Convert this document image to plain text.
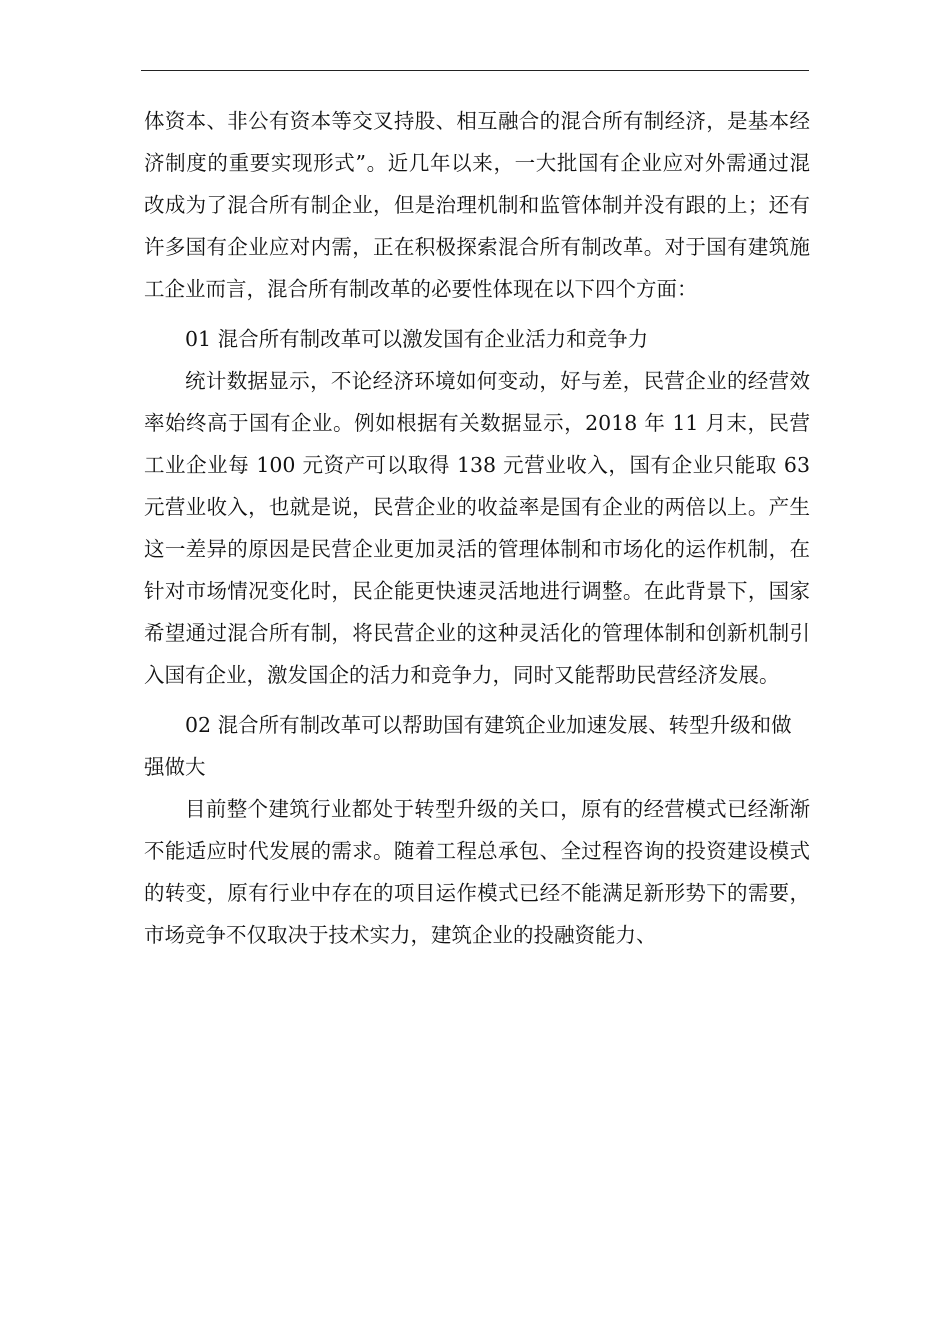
体资本、非公有资本等交叉持股、相互融合的混合所有制经济，是基本经济制度的重要实现形式”。近几年以来，一大批国有企业应对外需通过混改成为了混合所有制企业，但是治理机制和监管体制并没有跟的上；还有许多国有企业应对内需，正在积极探索混合所有制改革。对于国有建筑施工企业而言，混合所有制改革的必要性体现在以下四个方面：

01 混合所有制改革可以激发国有企业活力和竞争力

统计数据显示，不论经济环境如何变动，好与差，民营企业的经营效率始终高于国有企业。例如根据有关数据显示，2018 年 11 月末，民营工业企业每 100 元资产可以取得 138 元营业收入，国有企业只能取 63 元营业收入，也就是说，民营企业的收益率是国有企业的两倍以上。产生这一差异的原因是民营企业更加灵活的管理体制和市场化的运作机制，在针对市场情况变化时，民企能更快速灵活地进行调整。在此背景下，国家希望通过混合所有制，将民营企业的这种灵活化的管理体制和创新机制引入国有企业，激发国企的活力和竞争力，同时又能帮助民营经济发展。

02 混合所有制改革可以帮助国有建筑企业加速发展、转型升级和做强做大

目前整个建筑行业都处于转型升级的关口，原有的经营模式已经渐渐不能适应时代发展的需求。随着工程总承包、全过程咨询的投资建设模式的转变，原有行业中存在的项目运作模式已经不能满足新形势下的需要，市场竞争不仅取决于技术实力，建筑企业的投融资能力、
